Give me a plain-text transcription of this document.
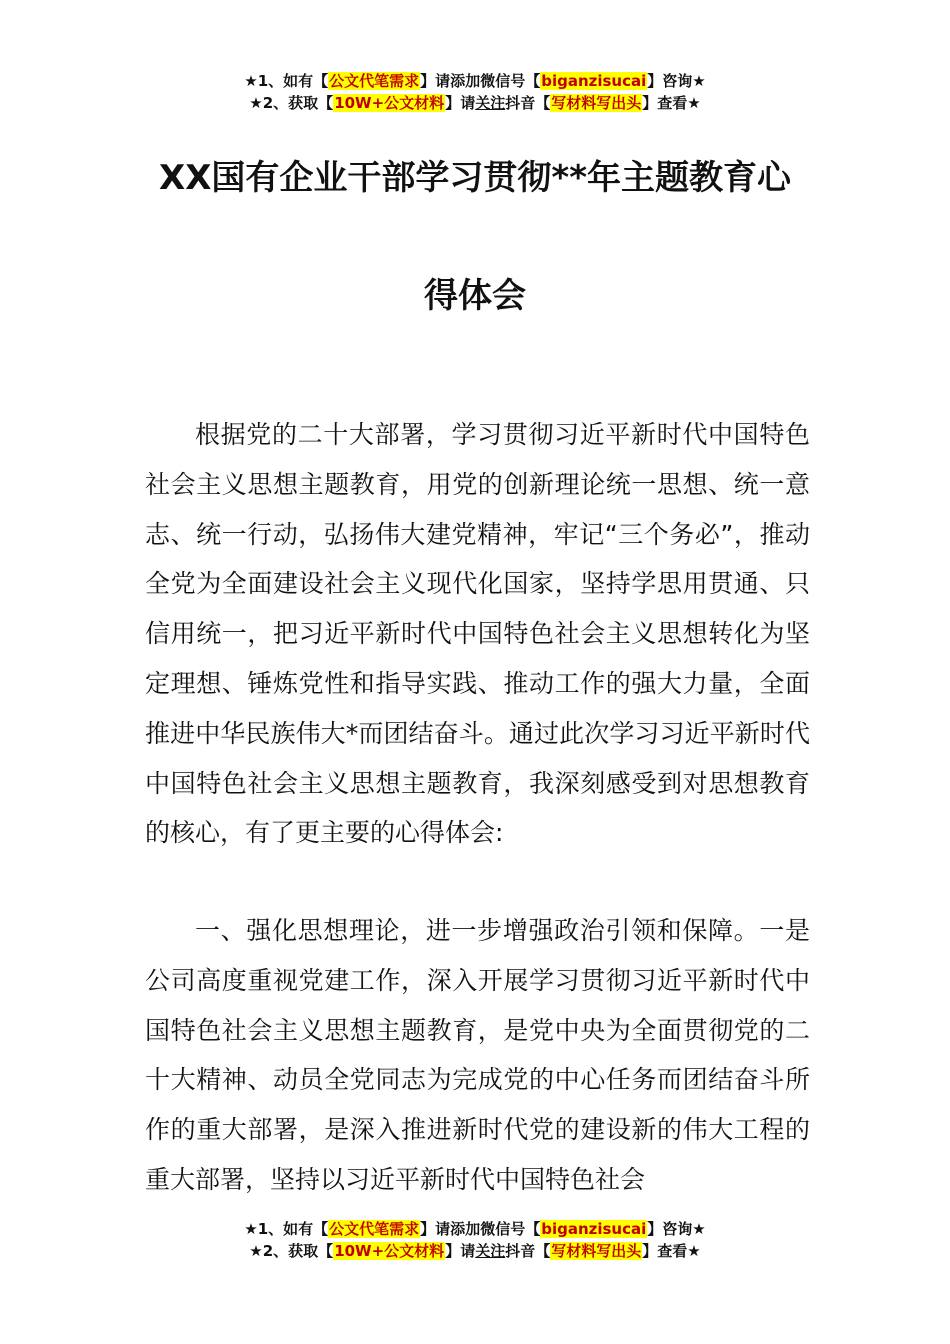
★1、如有【公文代笔需求】请添加微信号【biganzisucai】咨询★
★2、获取【10W+公文材料】请关注抖音【写材料写出头】查看★
XX国有企业干部学习贯彻**年主题教育心
得体会

根据党的二十大部署，学习贯彻习近平新时代中国特色社会主义思想主题教育，用党的创新理论统一思想、统一意志、统一行动，弘扬伟大建党精神，牢记“三个务必”，推动全党为全面建设社会主义现代化国家，坚持学思用贯通、只信用统一，把习近平新时代中国特色社会主义思想转化为坚定理想、锤炼党性和指导实践、推动工作的强大力量，全面推进中华民族伟大*而团结奋斗。通过此次学习习近平新时代中国特色社会主义思想主题教育，我深刻感受到对思想教育的核心，有了更主要的心得体会:

一、强化思想理论，进一步增强政治引领和保障。一是公司高度重视党建工作，深入开展学习贯彻习近平新时代中国特色社会主义思想主题教育，是党中央为全面贯彻党的二十大精神、动员全党同志为完成党的中心任务而团结奋斗所作的重大部署，是深入推进新时代党的建设新的伟大工程的重大部署，坚持以习近平新时代中国特色社会

★1、如有【公文代笔需求】请添加微信号【biganzisucai】咨询★
★2、获取【10W+公文材料】请关注抖音【写材料写出头】查看★
